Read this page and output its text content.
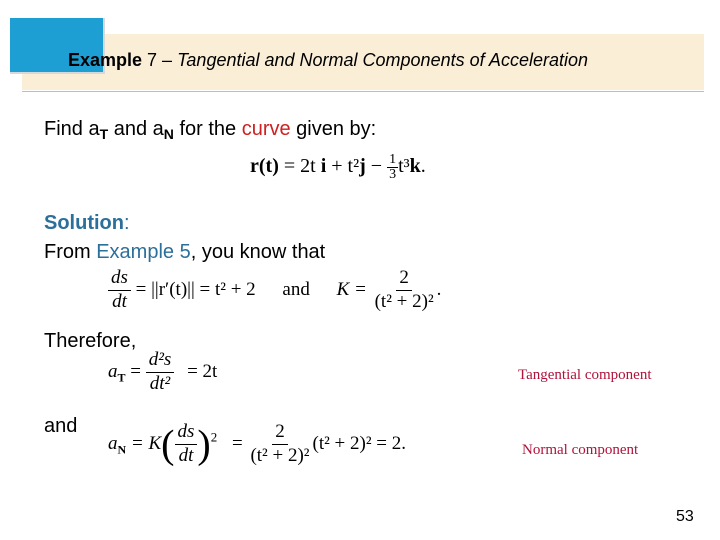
Example 7 – Tangential and Normal Components of Acceleration
Find $a_T$ and $a_N$ for the curve given by:
r(t) = 2t $i + t^2j - \frac{1}{3} t^3k$.
Solution:
From Example 5, you know that
$\frac{ds}{dt} = ||r'(t)|| = t^2 + 2$ and $K = \frac{2}{\text{(t² + 2)²}}$ .
Therefore,
$a_T = \frac{\text{d²s}}{\text{dt²}} = 2t$	Tangential component
and
$a_N = K( \frac{ds}{dt} )^2 = \frac{2}{\text{(t² + 2)²}} (t^2 + 2)^2 = 2$.	Normal component
53
